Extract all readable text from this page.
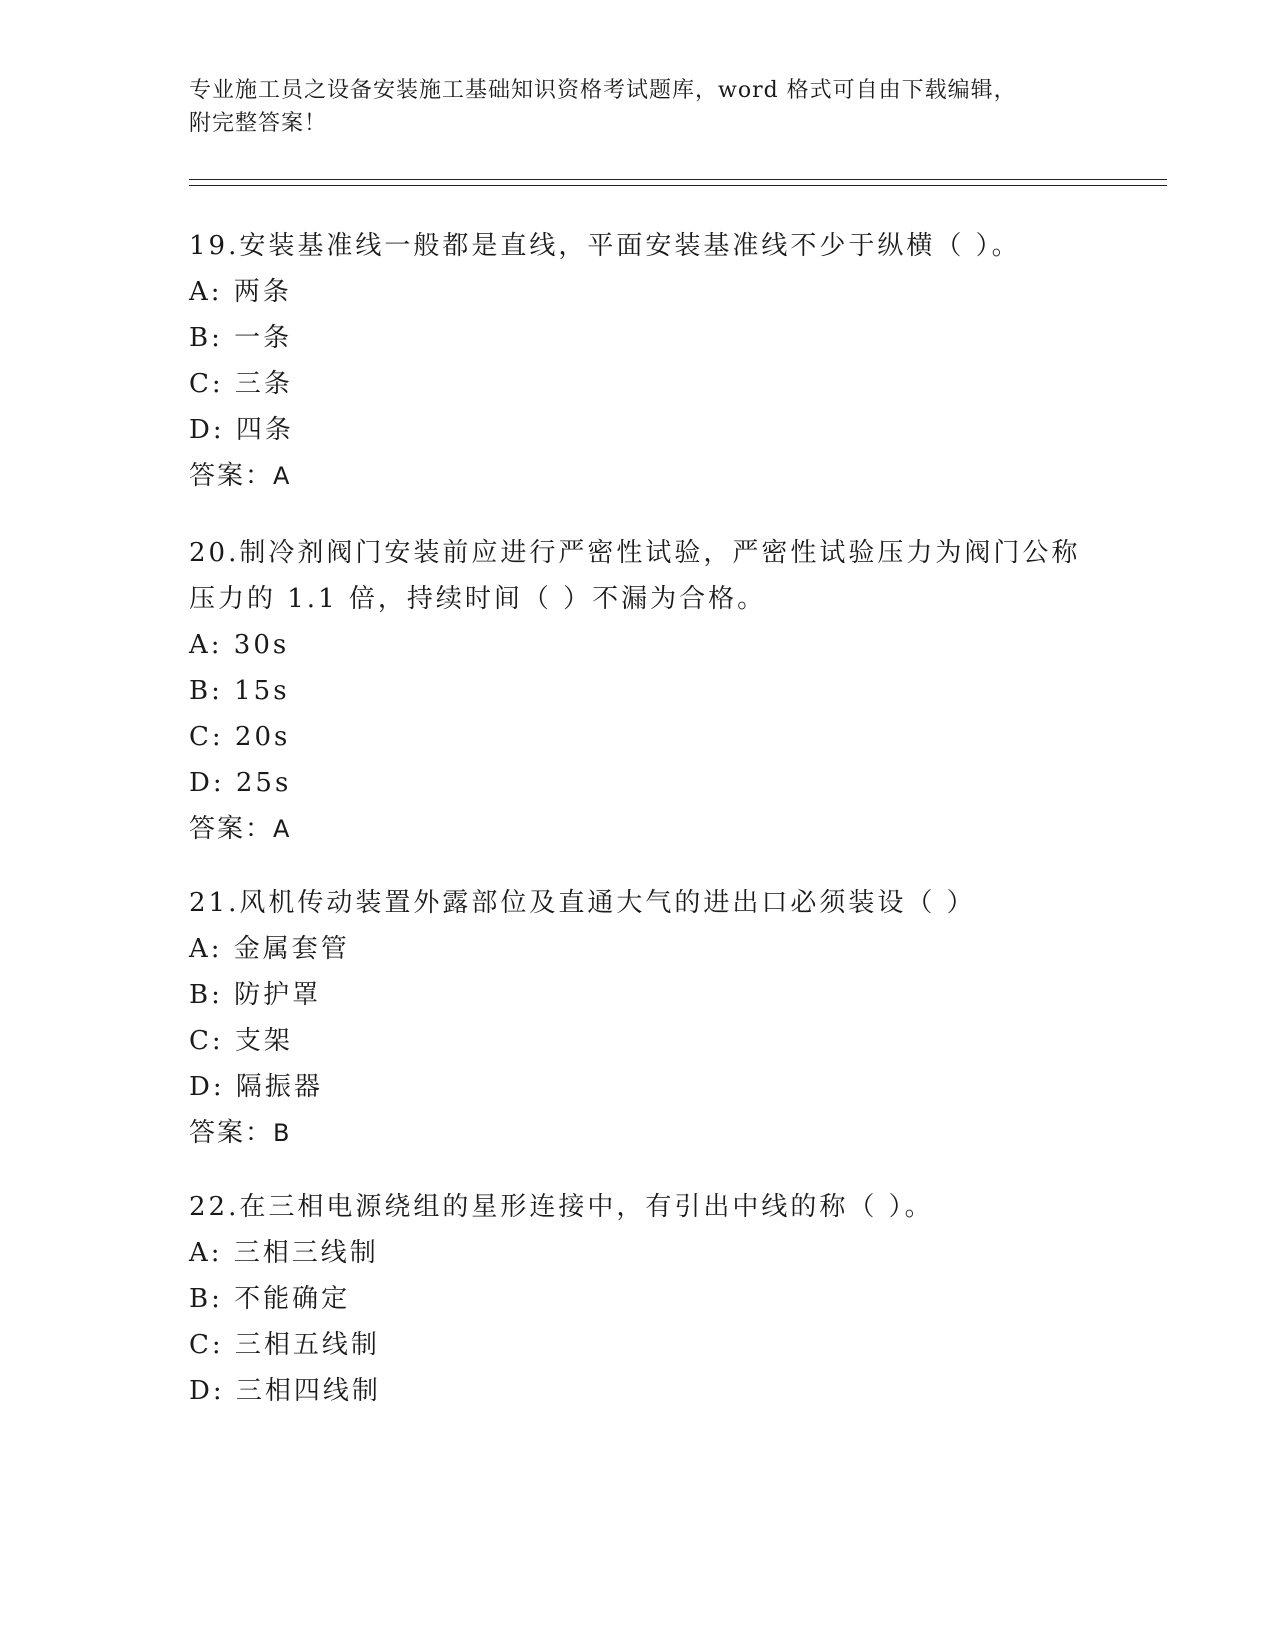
专业施工员之设备安装施工基础知识资格考试题库，word 格式可自由下载编辑，
附完整答案！
19.安装基准线一般都是直线，平面安装基准线不少于纵横（ ）。
A: 两条
B: 一条
C: 三条
D: 四条
答案：A
20.制冷剂阀门安装前应进行严密性试验，严密性试验压力为阀门公称
压力的 1.1 倍，持续时间（ ）不漏为合格。
A: 30s
B: 15s
C: 20s
D: 25s
答案：A
21.风机传动装置外露部位及直通大气的进出口必须装设（ ）
A: 金属套管
B: 防护罩
C: 支架
D: 隔振器
答案：B
22.在三相电源绕组的星形连接中，有引出中线的称（ ）。
A: 三相三线制
B: 不能确定
C: 三相五线制
D: 三相四线制
